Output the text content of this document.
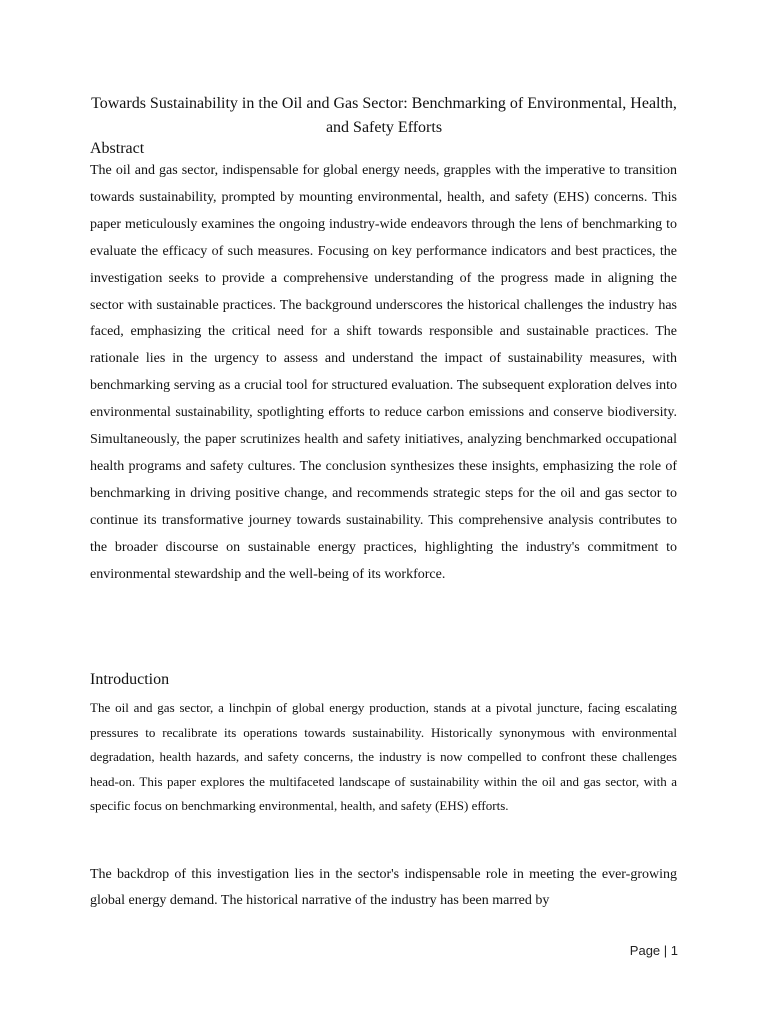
Towards Sustainability in the Oil and Gas Sector: Benchmarking of Environmental, Health, and Safety Efforts
Abstract

The oil and gas sector, indispensable for global energy needs, grapples with the imperative to transition towards sustainability, prompted by mounting environmental, health, and safety (EHS) concerns. This paper meticulously examines the ongoing industry-wide endeavors through the lens of benchmarking to evaluate the efficacy of such measures. Focusing on key performance indicators and best practices, the investigation seeks to provide a comprehensive understanding of the progress made in aligning the sector with sustainable practices. The background underscores the historical challenges the industry has faced, emphasizing the critical need for a shift towards responsible and sustainable practices. The rationale lies in the urgency to assess and understand the impact of sustainability measures, with benchmarking serving as a crucial tool for structured evaluation. The subsequent exploration delves into environmental sustainability, spotlighting efforts to reduce carbon emissions and conserve biodiversity. Simultaneously, the paper scrutinizes health and safety initiatives, analyzing benchmarked occupational health programs and safety cultures. The conclusion synthesizes these insights, emphasizing the role of benchmarking in driving positive change, and recommends strategic steps for the oil and gas sector to continue its transformative journey towards sustainability. This comprehensive analysis contributes to the broader discourse on sustainable energy practices, highlighting the industry's commitment to environmental stewardship and the well-being of its workforce.

Introduction

The oil and gas sector, a linchpin of global energy production, stands at a pivotal juncture, facing escalating pressures to recalibrate its operations towards sustainability. Historically synonymous with environmental degradation, health hazards, and safety concerns, the industry is now compelled to confront these challenges head-on. This paper explores the multifaceted landscape of sustainability within the oil and gas sector, with a specific focus on benchmarking environmental, health, and safety (EHS) efforts.

The backdrop of this investigation lies in the sector's indispensable role in meeting the ever-growing global energy demand. The historical narrative of the industry has been marred by

Page | 1
